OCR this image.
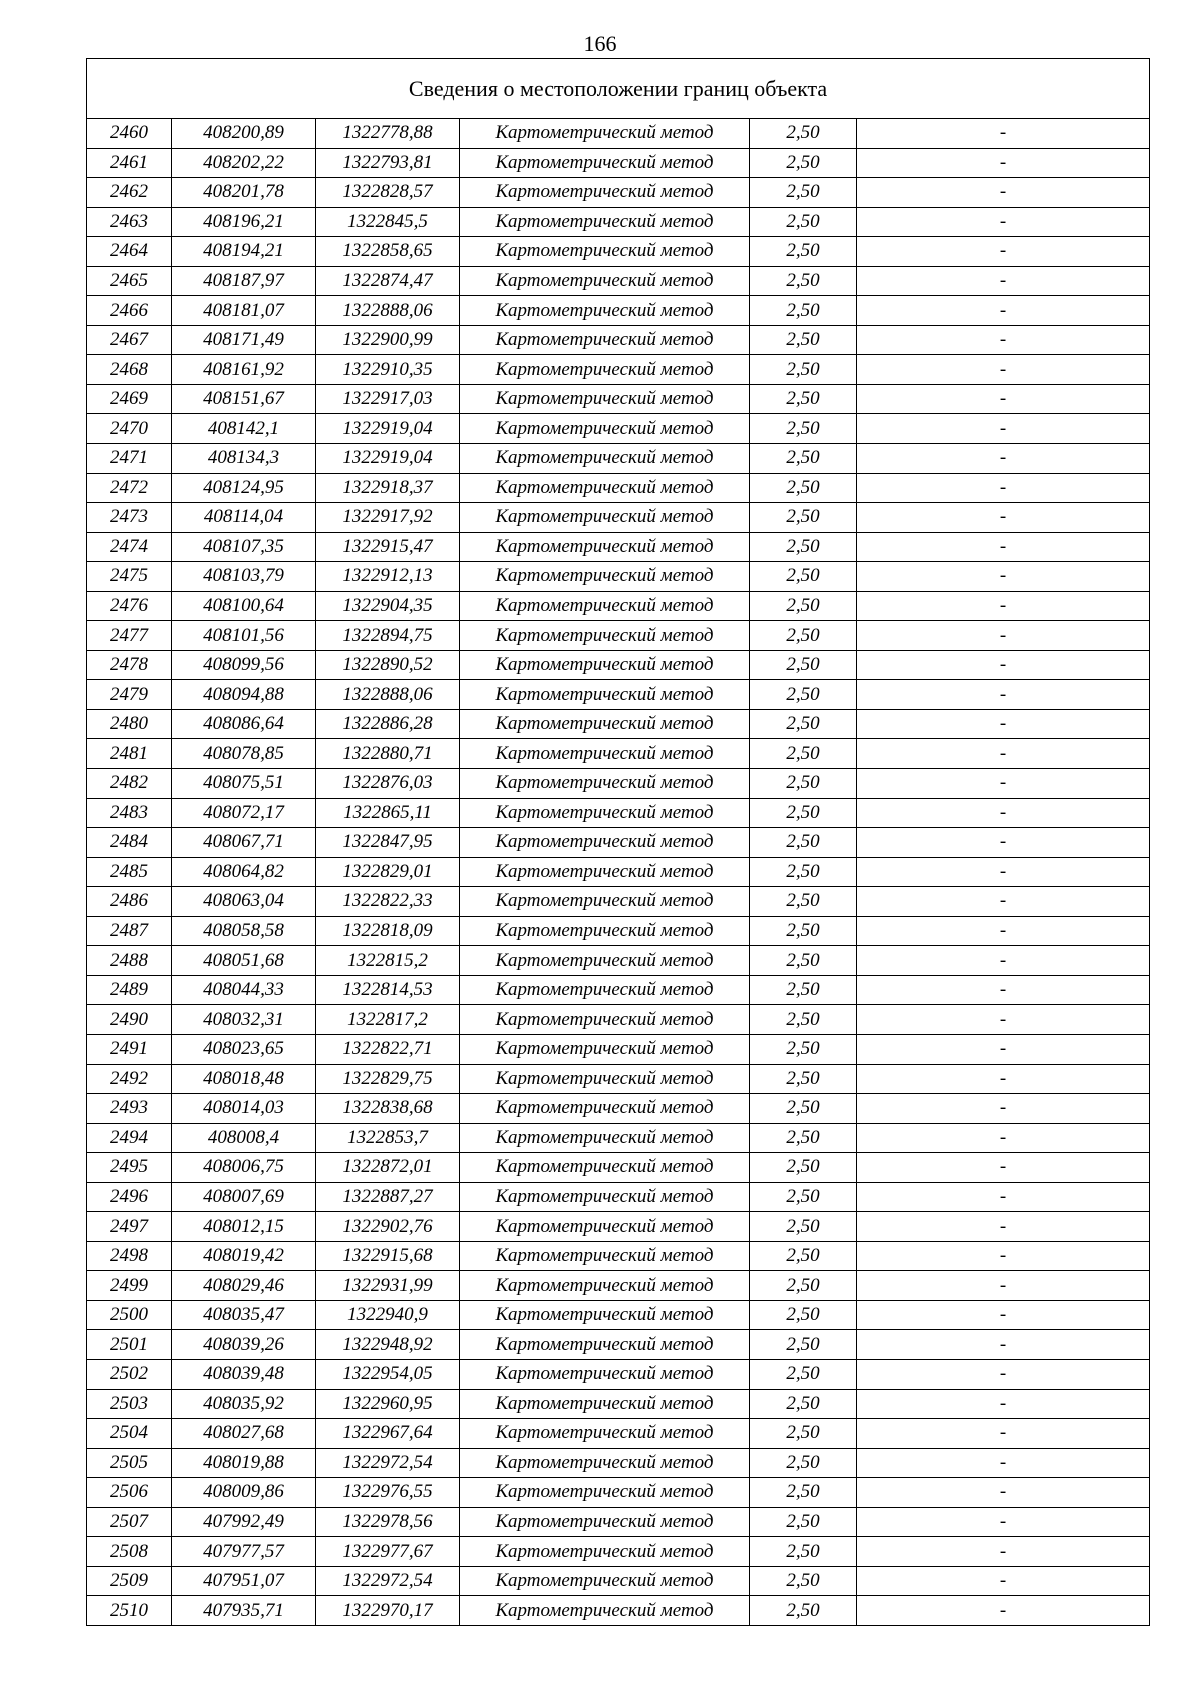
166
Сведения о местоположении границ объекта					
2460	408200,89	1322778,88	Картометрический метод	2,50	-
2461	408202,22	1322793,81	Картометрический метод	2,50	-
2462	408201,78	1322828,57	Картометрический метод	2,50	-
2463	408196,21	1322845,5	Картометрический метод	2,50	-
2464	408194,21	1322858,65	Картометрический метод	2,50	-
2465	408187,97	1322874,47	Картометрический метод	2,50	-
2466	408181,07	1322888,06	Картометрический метод	2,50	-
2467	408171,49	1322900,99	Картометрический метод	2,50	-
2468	408161,92	1322910,35	Картометрический метод	2,50	-
2469	408151,67	1322917,03	Картометрический метод	2,50	-
2470	408142,1	1322919,04	Картометрический метод	2,50	-
2471	408134,3	1322919,04	Картометрический метод	2,50	-
2472	408124,95	1322918,37	Картометрический метод	2,50	-
2473	408114,04	1322917,92	Картометрический метод	2,50	-
2474	408107,35	1322915,47	Картометрический метод	2,50	-
2475	408103,79	1322912,13	Картометрический метод	2,50	-
2476	408100,64	1322904,35	Картометрический метод	2,50	-
2477	408101,56	1322894,75	Картометрический метод	2,50	-
2478	408099,56	1322890,52	Картометрический метод	2,50	-
2479	408094,88	1322888,06	Картометрический метод	2,50	-
2480	408086,64	1322886,28	Картометрический метод	2,50	-
2481	408078,85	1322880,71	Картометрический метод	2,50	-
2482	408075,51	1322876,03	Картометрический метод	2,50	-
2483	408072,17	1322865,11	Картометрический метод	2,50	-
2484	408067,71	1322847,95	Картометрический метод	2,50	-
2485	408064,82	1322829,01	Картометрический метод	2,50	-
2486	408063,04	1322822,33	Картометрический метод	2,50	-
2487	408058,58	1322818,09	Картометрический метод	2,50	-
2488	408051,68	1322815,2	Картометрический метод	2,50	-
2489	408044,33	1322814,53	Картометрический метод	2,50	-
2490	408032,31	1322817,2	Картометрический метод	2,50	-
2491	408023,65	1322822,71	Картометрический метод	2,50	-
2492	408018,48	1322829,75	Картометрический метод	2,50	-
2493	408014,03	1322838,68	Картометрический метод	2,50	-
2494	408008,4	1322853,7	Картометрический метод	2,50	-
2495	408006,75	1322872,01	Картометрический метод	2,50	-
2496	408007,69	1322887,27	Картометрический метод	2,50	-
2497	408012,15	1322902,76	Картометрический метод	2,50	-
2498	408019,42	1322915,68	Картометрический метод	2,50	-
2499	408029,46	1322931,99	Картометрический метод	2,50	-
2500	408035,47	1322940,9	Картометрический метод	2,50	-
2501	408039,26	1322948,92	Картометрический метод	2,50	-
2502	408039,48	1322954,05	Картометрический метод	2,50	-
2503	408035,92	1322960,95	Картометрический метод	2,50	-
2504	408027,68	1322967,64	Картометрический метод	2,50	-
2505	408019,88	1322972,54	Картометрический метод	2,50	-
2506	408009,86	1322976,55	Картометрический метод	2,50	-
2507	407992,49	1322978,56	Картометрический метод	2,50	-
2508	407977,57	1322977,67	Картометрический метод	2,50	-
2509	407951,07	1322972,54	Картометрический метод	2,50	-
2510	407935,71	1322970,17	Картометрический метод	2,50	-
